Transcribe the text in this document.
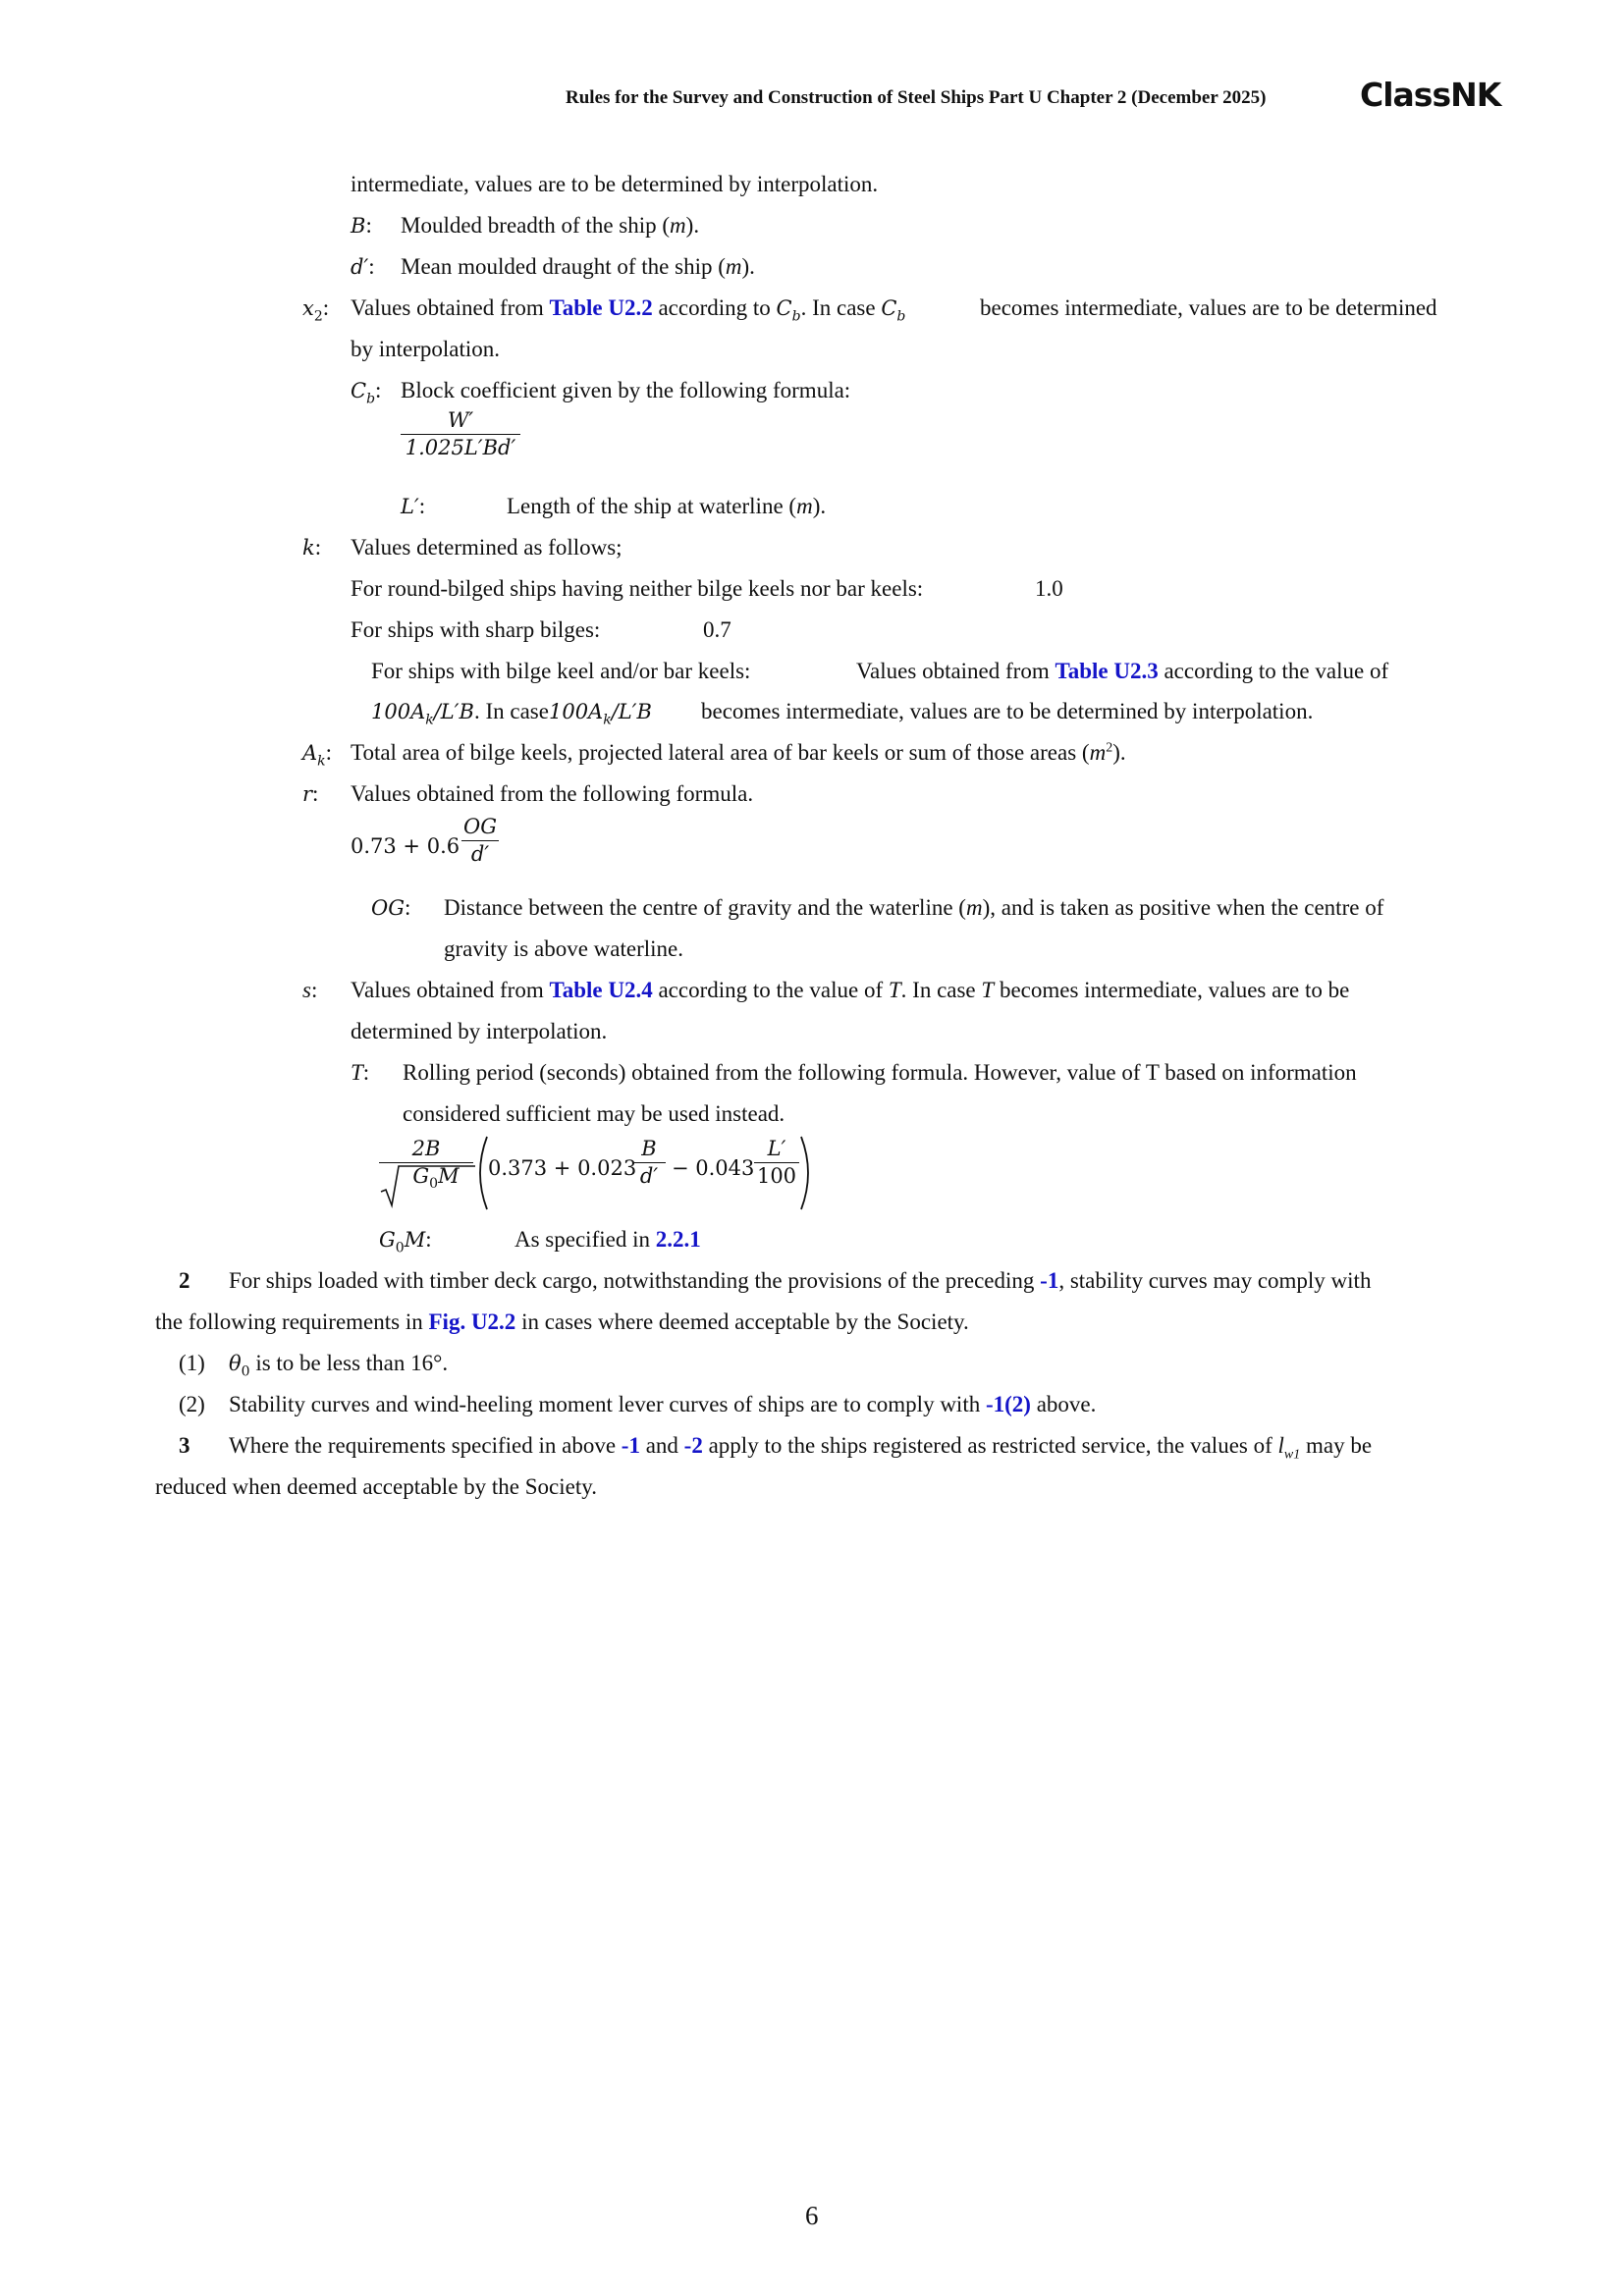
Rules for the Survey and Construction of Steel Ships Part U Chapter 2 (December 2025)	ClassNK
intermediate, values are to be determined by interpolation.
B: Moulded breadth of the ship (m).
d′: Mean moulded draught of the ship (m).
$x_2$: Values obtained from Table U2.2 according to $C_b$. In case $C_b$	becomes intermediate, values are to be determined
by interpolation.
$C_b$: Block coefficient given by the following formula:
W′
1.025L′Bd′
L′:	Length of the ship at waterline (m).
k: Values determined as follows;
For round-bilged ships having neither bilge keels nor bar keels:	1.0
For ships with sharp bilges:	0.7
For ships with bilge keel and/or bar keels:	Values obtained from Table U2.3 according to the value of
$100A_k/L'B$. In $case100A_k/L'B$ becomes intermediate, values are to be determined by interpolation.
$A_k$: Total area of bilge keels, projected lateral area of bar keels or sum of those areas $(m^2)$.
r: Values obtained from the following formula.
0.73 + 0.6
OG
d′
OG: Distance between the centre of gravity and the waterline (m), and is taken as positive when the centre of
gravity is above waterline.
s: Values obtained from Table U2.4 according to the value of T. In case T becomes intermediate, values are to be
determined by interpolation.
T: Rolling period (seconds) obtained from the following formula. However, value of T based on information
considered sufficient may be used instead.
2B
$G_0M$	0.373 + 0.023
B
d′ − 0.043
L′
100
$G_0M$:	As specified in 2.2.1
2 For ships loaded with timber deck cargo, notwithstanding the provisions of the preceding -1, stability curves may comply with
the following requirements in Fig. U2.2 in cases where deemed acceptable by the Society.
(1) $\theta_0$ is to be less than 16°.
(2) Stability curves and wind-heeling moment lever curves of ships are to comply with -1(2) above.
3 Where the requirements specified in above -1 and -2 apply to the ships registered as restricted service, the values of $l_{w1}$ may be
reduced when deemed acceptable by the Society.
6
